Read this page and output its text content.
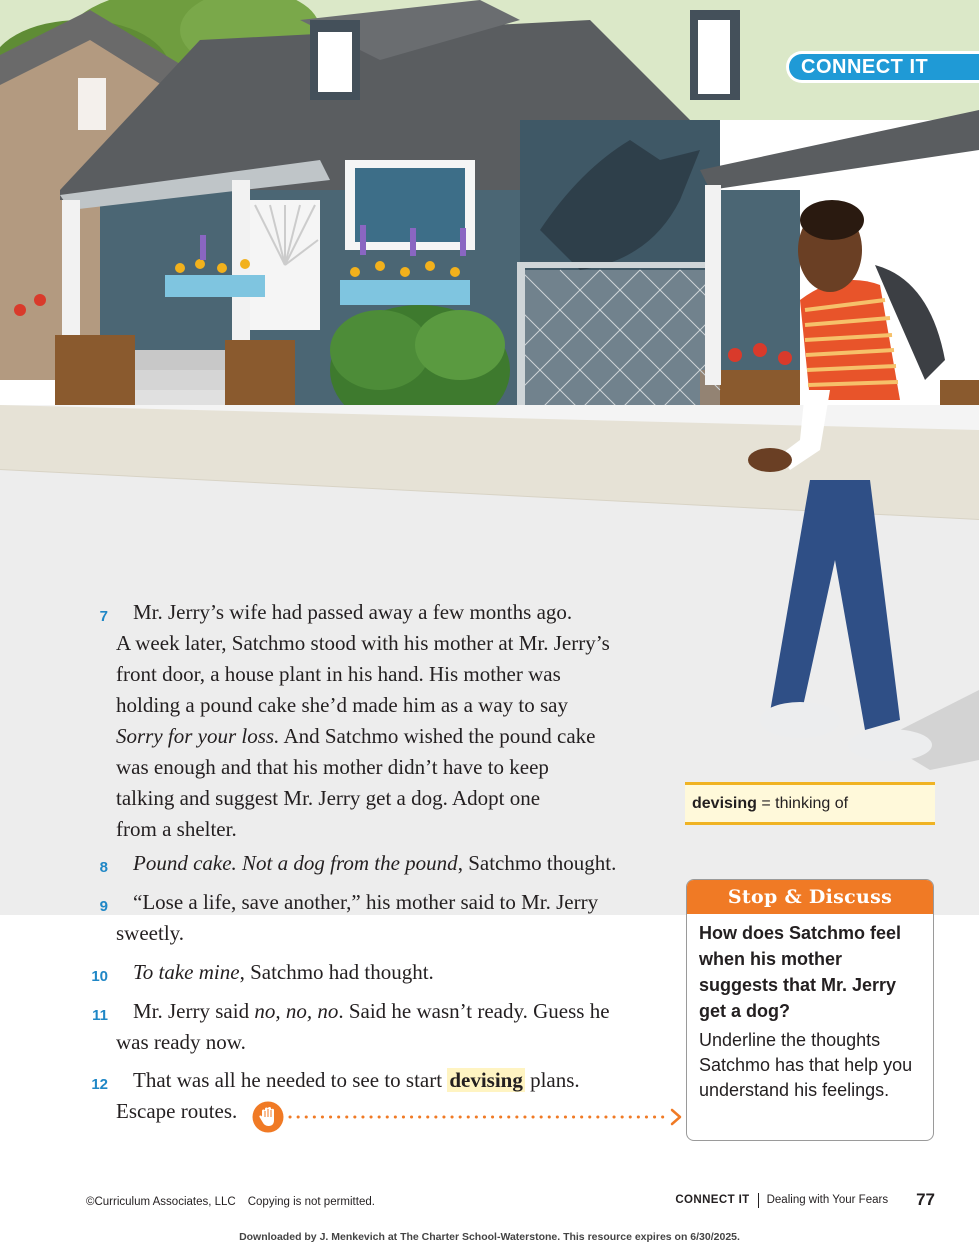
CONNECT IT
7	Mr. Jerry’s wife had passed away a few months ago.
A week later, Satchmo stood with his mother at Mr. Jerry’s
front door, a house plant in his hand. His mother was
holding a pound cake she’d made him as a way to say
Sorry for your loss. And Satchmo wished the pound cake
was enough and that his mother didn’t have to keep
talking and suggest Mr. Jerry get a dog. Adopt one
from a shelter.
8	Pound cake. Not a dog from the pound, Satchmo thought.
9	“Lose a life, save another,” his mother said to Mr. Jerry
sweetly.
10	To take mine, Satchmo had thought.
11	Mr. Jerry said no, no, no. Said he wasn’t ready. Guess he
was ready now.
12	That was all he needed to see to start devising plans.
Escape routes.
devising = thinking of
Stop & Discuss
How does Satchmo feel when his mother suggests that Mr. Jerry get a dog?
Underline the thoughts Satchmo has that help you understand his feelings.
©Curriculum Associates, LLC Copying is not permitted.	CONNECT IT Dealing with Your Fears 77
Downloaded by J. Menkevich at The Charter School-Waterstone. This resource expires on 6/30/2025.
